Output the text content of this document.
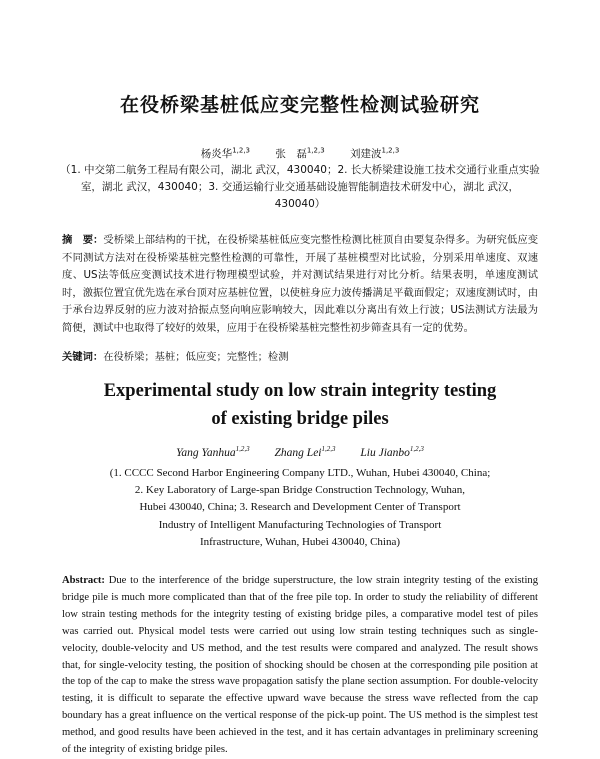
在役桥梁基桩低应变完整性检测试验研究
杨炎华$^{1,2,3}$ 张　磊$^{1,2,3}$ 刘建波$^{1,2,3}$
（1. 中交第二航务工程局有限公司，湖北 武汉，430040；2. 长大桥梁建设施工技术交通行业重点实验室，湖北 武汉，430040；3. 交通运输行业交通基础设施智能制造技术研发中心，湖北 武汉，430040）
摘　要：受桥梁上部结构的干扰，在役桥梁基桩低应变完整性检测比桩顶自由要复杂得多。为研究低应变不同测试方法对在役桥梁基桩完整性检测的可靠性，开展了基桩模型对比试验，分别采用单速度、双速度、US法等低应变测试技术进行物理模型试验，并对测试结果进行对比分析。结果表明，单速度测试时，激振位置宜优先选在承台顶对应基桩位置，以使桩身应力波传播满足平截面假定；双速度测试时，由于承台边界反射的应力波对拾振点竖向响应影响较大，因此难以分离出有效上行波；US法测试方法最为简便，测试中也取得了较好的效果，应用于在役桥梁基桩完整性初步筛查具有一定的优势。
关键词：在役桥梁；基桩；低应变；完整性；检测
Experimental study on low strain integrity testing
of existing bridge piles
Yang Yanhua$^{1,2,3}$ Zhang Lei$^{1,2,3}$ Liu Jianbo$^{1,2,3}$
(1. CCCC Second Harbor Engineering Company LTD., Wuhan, Hubei 430040, China;
2. Key Laboratory of Large-span Bridge Construction Technology, Wuhan,
Hubei 430040, China; 3. Research and Development Center of Transport
Industry of Intelligent Manufacturing Technologies of Transport
Infrastructure, Wuhan, Hubei 430040, China)
Abstract: Due to the interference of the bridge superstructure, the low strain integrity testing of the existing bridge pile is much more complicated than that of the free pile top. In order to study the reliability of different low strain testing methods for the integrity testing of existing bridge piles, a comparative model test of piles was carried out. Physical model tests were carried out using low strain testing techniques such as single-velocity, double-velocity and US method, and the test results were compared and analyzed. The result shows that, for single-velocity testing, the position of shocking should be chosen at the corresponding pile position at the top of the cap to make the stress wave propagation satisfy the plane section assumption. For double-velocity testing, it is difficult to separate the effective upward wave because the stress wave reflected from the cap boundary has a great influence on the vertical response of the pick-up point. The US method is the simplest test method, and good results have been achieved in the test, and it has certain advantages in preliminary screening of the integrity of existing bridge piles.
